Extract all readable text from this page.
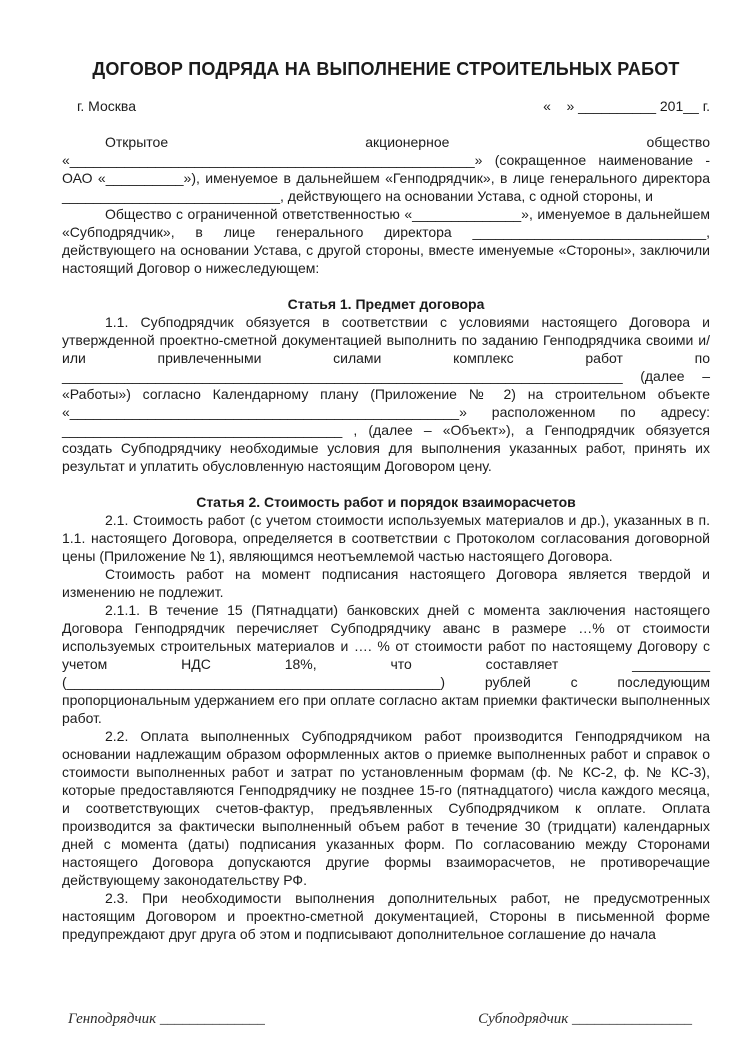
ДОГОВОР ПОДРЯДА НА ВЫПОЛНЕНИЕ СТРОИТЕЛЬНЫХ РАБОТ
г. Москва	«    » __________ 201__ г.

Открытое акционерное общество «____________________________________________________» (сокращенное наименование - ОАО «__________»), именуемое в дальнейшем «Генподрядчик», в лице генерального директора ____________________________, действующего на основании Устава, с одной стороны, и

Общество с ограниченной ответственностью «______________», именуемое в дальнейшем «Субподрядчик», в лице генерального директора ______________________________, действующего на основании Устава, с другой стороны, вместе именуемые «Стороны», заключили настоящий Договор о нижеследующем:

Статья 1. Предмет договора

1.1. Субподрядчик обязуется в соответствии с условиями настоящего Договора и утвержденной проектно-сметной документацией выполнить по заданию Генподрядчика своими и/или привлеченными силами комплекс работ по ________________________________________________________________________ (далее – «Работы») согласно Календарному плану (Приложение № 2) на строительном объекте «__________________________________________________» расположенном по адресу: ____________________________________ , (далее – «Объект»), а Генподрядчик обязуется создать Субподрядчику необходимые условия для выполнения указанных работ, принять их результат и уплатить обусловленную настоящим Договором цену.

Статья 2. Стоимость работ и порядок взаиморасчетов

2.1. Стоимость работ (с учетом стоимости используемых материалов и др.), указанных в п. 1.1. настоящего Договора, определяется в соответствии с Протоколом согласования договорной цены (Приложение № 1), являющимся неотъемлемой частью настоящего Договора.

Стоимость работ на момент подписания настоящего Договора является твердой и изменению не подлежит.

2.1.1. В течение 15 (Пятнадцати) банковских дней с момента заключения настоящего Договора Генподрядчик перечисляет Субподрядчику аванс в размере …% от стоимости используемых строительных материалов и …. % от стоимости работ по настоящему Договору с учетом НДС 18%, что составляет __________ (________________________________________________) рублей с последующим пропорциональным удержанием его при оплате согласно актам приемки фактически выполненных работ.

2.2. Оплата выполненных Субподрядчиком работ производится Генподрядчиком на основании надлежащим образом оформленных актов о приемке выполненных работ и справок о стоимости выполненных работ и затрат по установленным формам (ф. № КС-2, ф. № КС-3), которые предоставляются Генподрядчику не позднее 15-го (пятнадцатого) числа каждого месяца, и соответствующих счетов-фактур, предъявленных Субподрядчиком к оплате. Оплата производится за фактически выполненный объем работ в течение 30 (тридцати) календарных дней с момента (даты) подписания указанных форм. По согласованию между Сторонами настоящего Договора допускаются другие формы взаиморасчетов, не противоречащие действующему законодательству РФ.

2.3. При необходимости выполнения дополнительных работ, не предусмотренных настоящим Договором и проектно-сметной документацией, Стороны в письменной форме предупреждают друг друга об этом и подписывают дополнительное соглашение до начала

Генподрядчик ______________	Субподрядчик ________________
